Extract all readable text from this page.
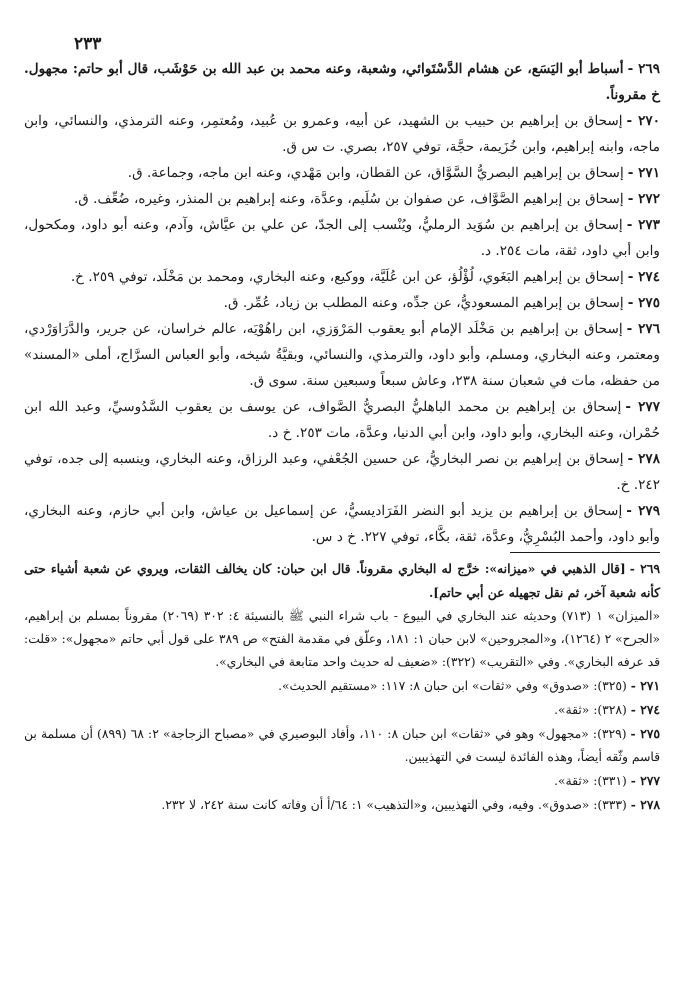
٢٣٣

٢٦٩ -أسباط أبو اليَسَع، عن هشام الدَّسْتَوائي، وشعبة، وعنه محمد بن عبد الله بن حَوْشَب، قال أبو حاتم: مجهول. خ مقروناً.

٢٧٠ -إسحاق بن إبراهيم بن حبيب بن الشهيد، عن أبيه، وعمرو بن عُبيد، ومُعتمِر، وعنه الترمذي، والنسائي، وابن ماجه، وابنه إبراهيم، وابن خُزَيمة، حجَّة، توفي ٢٥٧، بصري. ت س ق.

٢٧١ -إسحاق بن إبراهيم البصريُّ السَّوَّاق، عن القطان، وابن مَهْدي، وعنه ابن ماجه، وجماعة. ق.

٢٧٢ -إسحاق بن إبراهيم الصَّوَّاف، عن صفوان بن سُلَيم، وعدَّة، وعنه إبراهيم بن المنذر، وغيره، ضُعِّف. ق.

٢٧٣ -إسحاق بن إبراهيم بن سُوَيد الرمليُّ، ويُنْسب إلى الجدّ، عن علي بن عيَّاش، وآدم، وعنه أبو داود، ومكحول، وابن أبي داود، ثقة، مات ٢٥٤. د.

٢٧٤ -إسحاق بن إبراهيم البَغَوي، لُؤْلُؤ، عن ابن عُلَيَّة، ووكيع، وعنه البخاري، ومحمد بن مَخْلَد، توفي ٢٥٩. خ.

٢٧٥ -إسحاق بن إبراهيم المسعوديُّ، عن جدِّه، وعنه المطلب بن زياد، عُمِّر. ق.

٢٧٦ -إسحاق بن إبراهيم بن مَخْلَد الإمام أبو يعقوب المَرْوَزي، ابن راهُوْيَه، عالم خراسان، عن جرير، والدَّرَاوَرْدي، ومعتمر، وعنه البخاري، ومسلم، وأبو داود، والترمذي، والنسائي، وبقيَّةُ شيخه، وأبو العباس السرَّاج، أملى «المسند» من حفظه، مات في شعبان سنة ٢٣٨، وعاش سبعاً وسبعين سنة. سوى ق.

٢٧٧ -إسحاق بن إبراهيم بن محمد الباهليُّ البصريُّ الصَّواف، عن يوسف بن يعقوب السَّدُوسيِّ، وعبد الله ابن حُمْران، وعنه البخاري، وأبو داود، وابن أبي الدنيا، وعدَّة، مات ٢٥٣. خ د.

٢٧٨ -إسحاق بن إبراهيم بن نصر البخاريُّ، عن حسين الجُعْفي، وعبد الرزاق، وعنه البخاري، وينسبه إلى جده، توفي ٢٤٢. خ.

٢٧٩ -إسحاق بن إبراهيم بن يزيد أبو النضر الفَرَاديسيُّ، عن إسماعيل بن عياش، وابن أبي حازم، وعنه البخاري، وأبو داود، وأحمد البُسْرِيُّ، وعدَّة، ثقة، بكَّاء، توفي ٢٢٧. خ د س.

٢٦٩ -[قال الذهبي في «ميزانه»: خرَّج له البخاري مقروناً. قال ابن حبان: كان يخالف الثقات، ويروي عن شعبة أشياء حتى كأنه شعبة آخر، ثم نقل تجهيله عن أبي حاتم].

«الميزان» ١ (٧١٣) وحديثه عند البخاري في البيوع - باب شراء النبي ﷺ بالنسيئة ٤: ٣٠٢ (٢٠٦٩) مقروناً بمسلم بن إبراهيم، «الجرح» ٢ (١٢٦٤)، و«المجروحين» لابن حبان ١: ١٨١، وعلّق في مقدمة الفتح» ص ٣٨٩ على قول أبي حاتم «مجهول»: «قلت: قد عرفه البخاري». وفي «التقريب» (٣٢٢): «ضعيف له حديث واحد متابعة في البخاري».

٢٧١ -(٣٢٥): «صدوق» وفي «ثقات» ابن حبان ٨: ١١٧: «مستقيم الحديث».

٢٧٤ -(٣٢٨): «ثقة».

٢٧٥ -(٣٢٩): «مجهول» وهو في «ثقات» ابن حبان ٨: ١١٠، وأفاد البوصيري في «مصباح الزجاجة» ٢: ٦٨ (٨٩٩) أن مسلمة بن قاسم وثّقه أيضاً، وهذه الفائدة ليست في التهذيبين.

٢٧٧ -(٣٣١): «ثقة».

٢٧٨ -(٣٣٣): «صدوق». وفيه، وفي التهذيبين، و«التذهيب» ١: ٦٤/أ أن وفاته كانت سنة ٢٤٢، لا ٢٣٢.
